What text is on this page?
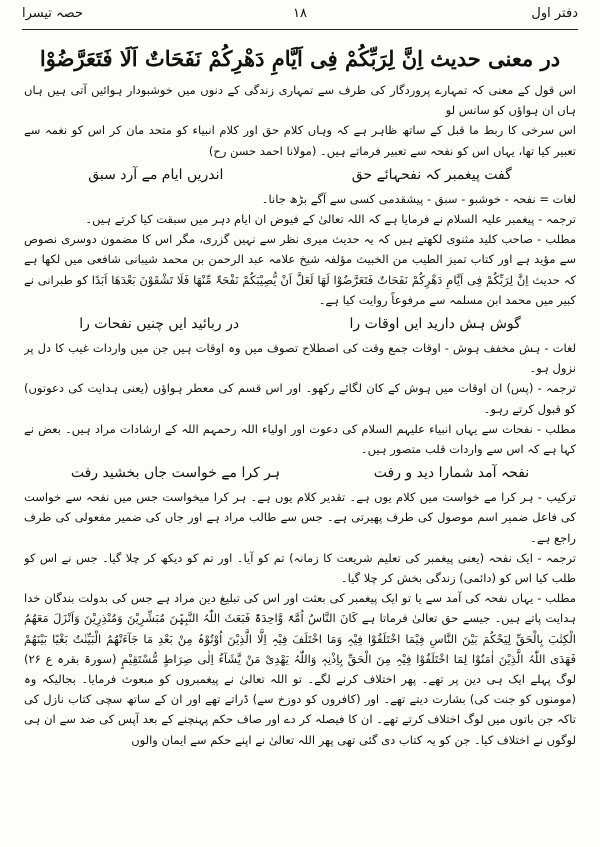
دفتر اول
۱۸
حصہ تیسرا
در معنی حدیث اِنَّ لِرَبِّکُمْ فِی اَیَّامِ دَھْرِکُمْ نَفَحَاتٌ اَلَا فَتَعَرَّضُوْا

اس قول کے معنی کہ تمہارے پروردگار کی طرف سے تمہاری زندگی کے دنوں میں خوشبودار ہوائیں آتی ہیں ہاں ہاں ان ہواؤں کو سانس لو

اس سرخی کا ربط ما قبل کے ساتھ ظاہر ہے کہ وہاں کلام حق اور کلام انبیاء کو متحد مان کر اس کو نغمہ سے تعبیر کیا تھا، یہاں اس کو نفحہ سے تعبیر فرماتے ہیں۔ (مولانا احمد حسن رح)

گفت پیغمبر کہ نفحہائے حق
اندریں ایام مے آرد سبق

لغات = نفحہ - خوشبو - سبق - پیشقدمی کسی سے آگے بڑھ جانا۔

ترجمہ - پیغمبر علیہ السلام نے فرمایا ہے کہ اللہ تعالیٰ کے فیوض ان ایام دہر میں سبقت کیا کرتے ہیں۔

مطلب - صاحب کلید مثنوی لکھتے ہیں کہ یہ حدیث میری نظر سے نہیں گزری، مگر اس کا مضمون دوسری نصوص سے مؤید ہے اور کتاب تمیز الطیب من الخبیث مؤلفہ شیخ علامہ عبد الرحمن بن محمد شیبانی شافعی میں لکھا ہے کہ حدیث اِنَّ لِرَبِّکُمْ فِی اَیَّامِ دَھْرِکُمْ نَفَحَاتٌ فَتَعَرَّضُوْا لَھَا لَعَلَّ اَنْ یُّصِیْبَکُمْ نَفْحَۃٌ مِّنْھَا فَلَا تَشْقَوْنَ بَعْدَھَا اَبَدًا کو طبرانی نے کبیر میں محمد ابن مسلمہ سے مرفوعاً روایت کیا ہے۔

گوش ہش دارید ایں اوقات را
در ربائید ایں چنیں نفحات را

لغات - ہش مخفف ہوش - اوقات جمع وقت کی اصطلاح تصوف میں وہ اوقات ہیں جن میں واردات غیب کا دل پر نزول ہو۔

ترجمہ - (پس) ان اوقات میں ہوش کے کان لگائے رکھو۔ اور اس قسم کی معطر ہواؤں (یعنی ہدایت کی دعوتوں) کو قبول کرتے رہو۔

مطلب - نفحات سے یہاں انبیاء علیہم السلام کی دعوت اور اولیاء اللہ رحمہم اللہ کے ارشادات مراد ہیں۔ بعض نے کہا ہے کہ اس سے واردات قلب متصور ہیں۔

نفحہ آمد شمارا دید و رفت
ہر کرا مے خواست جاں بخشید رفت

ترکیب - ہر کرا مے خواست میں کلام یوں ہے۔ تقدیر کلام یوں ہے۔ ہر کرا میخواست جس میں نفحہ سے خواست کی فاعل ضمیر اسم موصول کی طرف پھیرتی ہے۔ جس سے طالب مراد ہے اور جاں کی ضمیر مفعولی کی طرف راجع ہے۔

ترجمہ - ایک نفحہ (یعنی پیغمبر کی تعلیم شریعت کا زمانہ) تم کو آیا۔ اور تم کو دیکھ کر چلا گیا۔ جس نے اس کو طلب کیا اس کو (دائمی) زندگی بخش کر چلا گیا۔

مطلب - یہاں نفحہ کی آمد سے یا تو ایک پیغمبر کی بعثت اور اس کی تبلیغ دین مراد ہے جس کی بدولت بندگان خدا ہدایت پاتے ہیں۔ جیسے حق تعالیٰ فرماتا ہے کَانَ النَّاسُ اُمَّۃً وَّاحِدَۃً فَبَعَثَ اللّٰہُ النَّبِیّٖنَ مُبَشِّرِیْنَ وَمُنْذِرِیْنَ وَاَنْزَلَ مَعَھُمُ الْکِتٰبَ بِالْحَقِّ لِیَحْکُمَ بَیْنَ النَّاسِ فِیْمَا اخْتَلَفُوْا فِیْہِ وَمَا اخْتَلَفَ فِیْہِ اِلَّا الَّذِیْنَ اُوْتُوْہُ مِنْ بَعْدِ مَا جَآءَتْھُمُ الْبَیِّنٰتُ بَغْیًا بَیْنَھُمْ فَھَدَی اللّٰہُ الَّذِیْنَ اٰمَنُوْا لِمَا اخْتَلَفُوْا فِیْہِ مِنَ الْحَقِّ بِاِذْنِہٖ وَاللّٰہُ یَھْدِیْ مَنْ یَّشَآءُ اِلٰی صِرَاطٍ مُّسْتَقِیْمٍ (سورۃ بقرہ ع ۲۶) لوگ پہلے ایک ہی دین پر تھے۔ پھر اختلاف کرنے لگے۔ تو اللہ تعالیٰ نے پیغمبروں کو مبعوث فرمایا۔ بجالیکہ وہ (مومنوں کو جنت کی) بشارت دیتے تھے۔ اور (کافروں کو دوزخ سے) ڈراتے تھے اور ان کے ساتھ سچی کتاب نازل کی تاکہ جن باتوں میں لوگ اختلاف کرتے تھے۔ ان کا فیصلہ کر دے اور صاف حکم پہنچنے کے بعد آپس کی ضد سے ان ہی لوگوں نے اختلاف کیا۔ جن کو یہ کتاب دی گئی تھی پھر اللہ تعالیٰ نے اپنے حکم سے ایمان والوں
